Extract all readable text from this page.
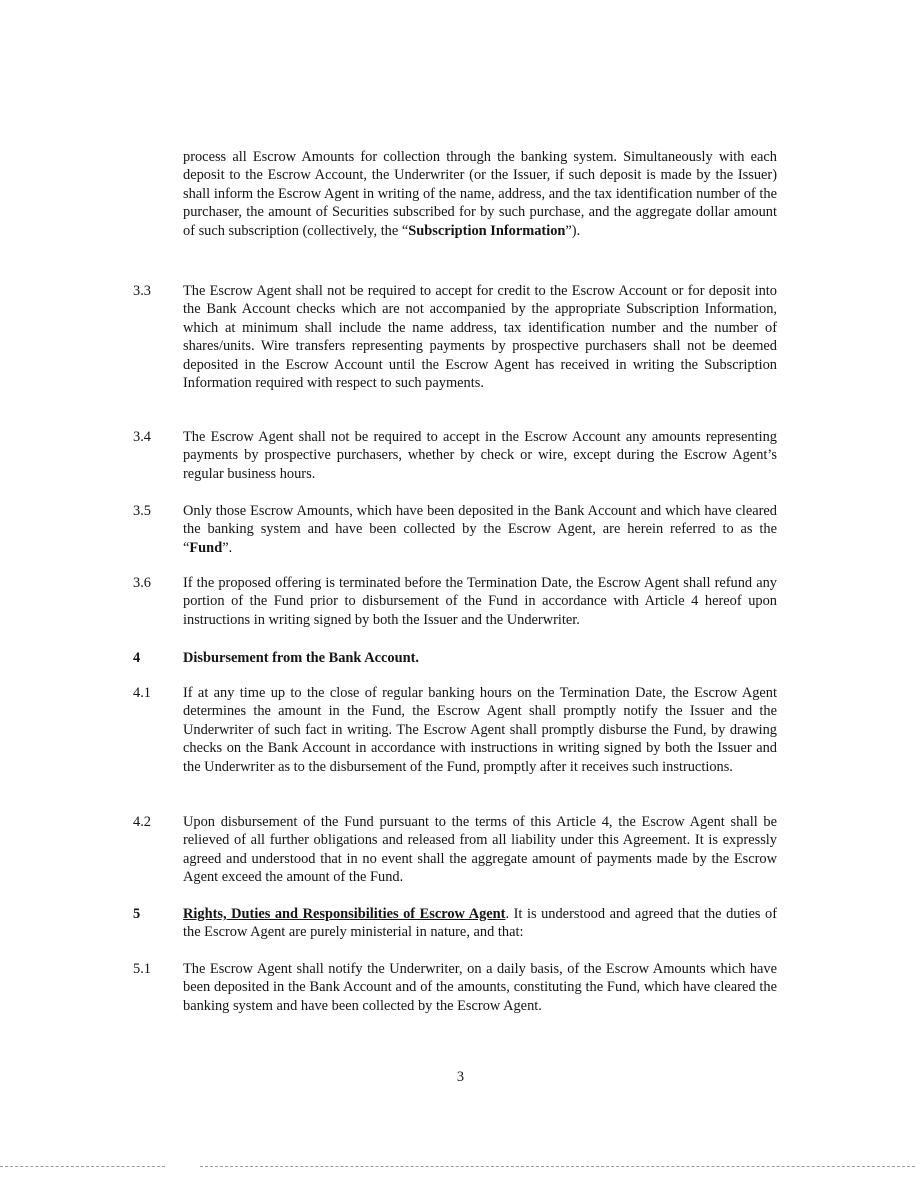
process all Escrow Amounts for collection through the banking system. Simultaneously with each deposit to the Escrow Account, the Underwriter (or the Issuer, if such deposit is made by the Issuer) shall inform the Escrow Agent in writing of the name, address, and the tax identification number of the purchaser, the amount of Securities subscribed for by such purchase, and the aggregate dollar amount of such subscription (collectively, the “Subscription Information”).
3.3 The Escrow Agent shall not be required to accept for credit to the Escrow Account or for deposit into the Bank Account checks which are not accompanied by the appropriate Subscription Information, which at minimum shall include the name address, tax identification number and the number of shares/units. Wire transfers representing payments by prospective purchasers shall not be deemed deposited in the Escrow Account until the Escrow Agent has received in writing the Subscription Information required with respect to such payments.
3.4 The Escrow Agent shall not be required to accept in the Escrow Account any amounts representing payments by prospective purchasers, whether by check or wire, except during the Escrow Agent’s regular business hours.
3.5 Only those Escrow Amounts, which have been deposited in the Bank Account and which have cleared the banking system and have been collected by the Escrow Agent, are herein referred to as the “Fund”.
3.6 If the proposed offering is terminated before the Termination Date, the Escrow Agent shall refund any portion of the Fund prior to disbursement of the Fund in accordance with Article 4 hereof upon instructions in writing signed by both the Issuer and the Underwriter.
4	Disbursement from the Bank Account.
4.1 If at any time up to the close of regular banking hours on the Termination Date, the Escrow Agent determines the amount in the Fund, the Escrow Agent shall promptly notify the Issuer and the Underwriter of such fact in writing. The Escrow Agent shall promptly disburse the Fund, by drawing checks on the Bank Account in accordance with instructions in writing signed by both the Issuer and the Underwriter as to the disbursement of the Fund, promptly after it receives such instructions.
4.2 Upon disbursement of the Fund pursuant to the terms of this Article 4, the Escrow Agent shall be relieved of all further obligations and released from all liability under this Agreement. It is expressly agreed and understood that in no event shall the aggregate amount of payments made by the Escrow Agent exceed the amount of the Fund.
5	Rights, Duties and Responsibilities of Escrow Agent. It is understood and agreed that the duties of the Escrow Agent are purely ministerial in nature, and that:
5.1 The Escrow Agent shall notify the Underwriter, on a daily basis, of the Escrow Amounts which have been deposited in the Bank Account and of the amounts, constituting the Fund, which have cleared the banking system and have been collected by the Escrow Agent.
3
